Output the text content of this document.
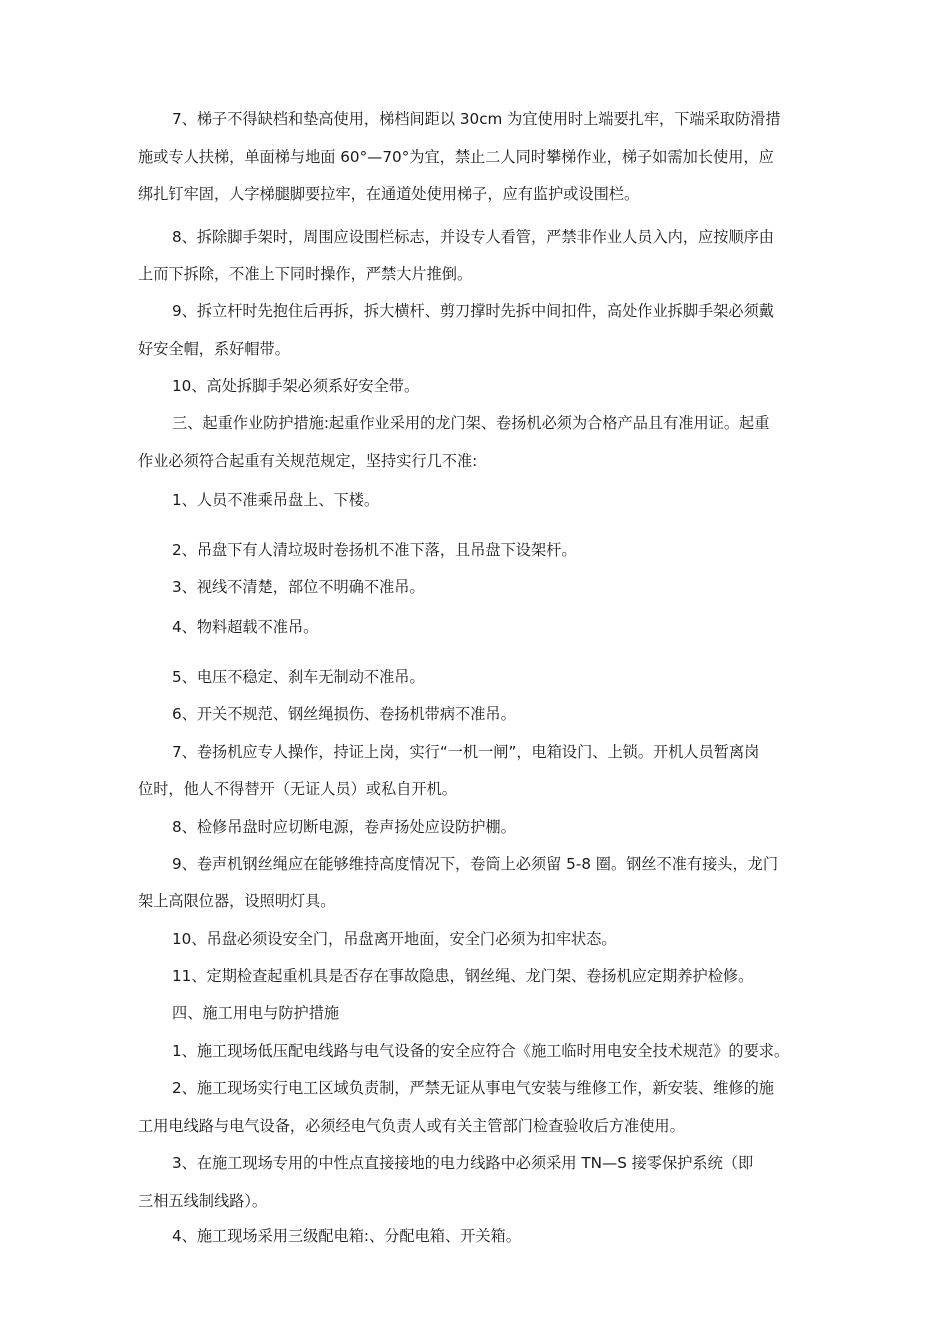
7、梯子不得缺档和垫高使用，梯档间距以 30cm 为宜使用时上端要扎牢，下端采取防滑措
施或专人扶梯，单面梯与地面 60°—70°为宜，禁止二人同时攀梯作业，梯子如需加长使用，应
绑扎钉牢固，人字梯腿脚要拉牢，在通道处使用梯子，应有监护或设围栏。
8、拆除脚手架时，周围应设围栏标志，并设专人看管，严禁非作业人员入内，应按顺序由
上而下拆除，不准上下同时操作，严禁大片推倒。
9、拆立杆时先抱住后再拆，拆大横杆、剪刀撑时先拆中间扣件，高处作业拆脚手架必须戴
好安全帽，系好帽带。
10、高处拆脚手架必须系好安全带。
三、起重作业防护措施:起重作业采用的龙门架、卷扬机必须为合格产品且有准用证。起重
作业必须符合起重有关规范规定，坚持实行几不准:
1、人员不准乘吊盘上、下楼。
2、吊盘下有人清垃圾时卷扬机不准下落，且吊盘下设架杆。
3、视线不清楚，部位不明确不准吊。
4、物料超载不准吊。
5、电压不稳定、刹车无制动不准吊。
6、开关不规范、钢丝绳损伤、卷扬机带病不准吊。
7、卷扬机应专人操作，持证上岗，实行“一机一闸”，电箱设门、上锁。开机人员暂离岗
位时，他人不得替开（无证人员）或私自开机。
8、检修吊盘时应切断电源，卷声扬处应设防护棚。
9、卷声机钢丝绳应在能够维持高度情况下，卷筒上必须留 5-8 圈。钢丝不准有接头，龙门
架上高限位器，设照明灯具。
10、吊盘必须设安全门，吊盘离开地面，安全门必须为扣牢状态。
11、定期检查起重机具是否存在事故隐患，钢丝绳、龙门架、卷扬机应定期养护检修。
四、施工用电与防护措施
1、施工现场低压配电线路与电气设备的安全应符合《施工临时用电安全技术规范》的要求。
2、施工现场实行电工区域负责制，严禁无证从事电气安装与维修工作，新安装、维修的施
工用电线路与电气设备，必须经电气负责人或有关主管部门检查验收后方准使用。
3、在施工现场专用的中性点直接接地的电力线路中必须采用 TN—S 接零保护系统（即
三相五线制线路）。
4、施工现场采用三级配电箱:、分配电箱、开关箱。
